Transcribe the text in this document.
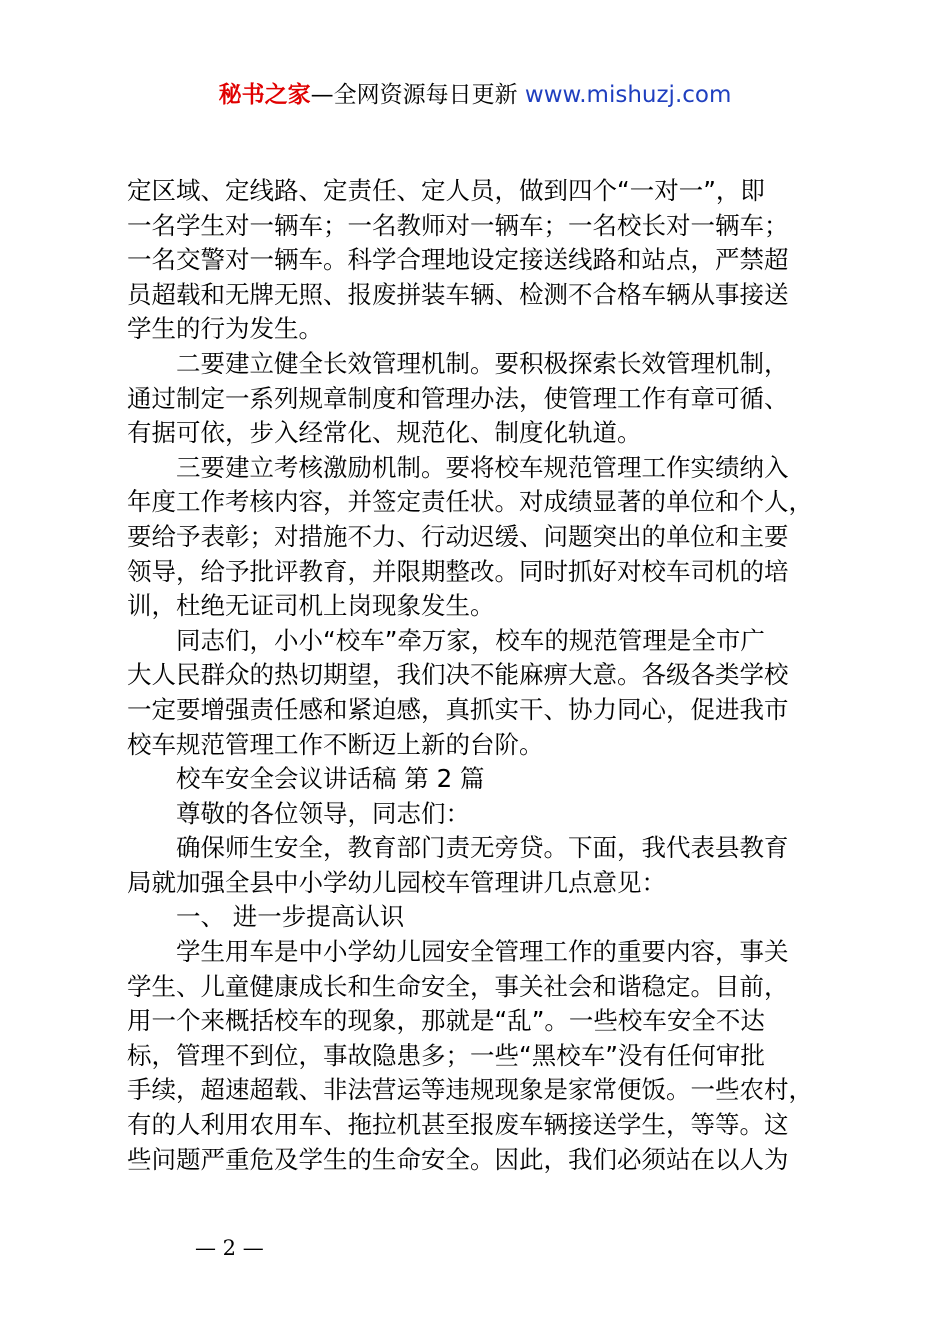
秘书之家—全网资源每日更新 www.mishuzj.com
定区域、定线路、定责任、定人员，做到四个“一对一”，即
一名学生对一辆车；一名教师对一辆车；一名校长对一辆车；
一名交警对一辆车。科学合理地设定接送线路和站点，严禁超
员超载和无牌无照、报废拼装车辆、检测不合格车辆从事接送
学生的行为发生。
二要建立健全长效管理机制。要积极探索长效管理机制，
通过制定一系列规章制度和管理办法，使管理工作有章可循、
有据可依，步入经常化、规范化、制度化轨道。
三要建立考核激励机制。要将校车规范管理工作实绩纳入
年度工作考核内容，并签定责任状。对成绩显著的单位和个人，
要给予表彰；对措施不力、行动迟缓、问题突出的单位和主要
领导，给予批评教育，并限期整改。同时抓好对校车司机的培
训，杜绝无证司机上岗现象发生。
同志们，小小“校车”牵万家，校车的规范管理是全市广
大人民群众的热切期望，我们决不能麻痹大意。各级各类学校
一定要增强责任感和紧迫感，真抓实干、协力同心，促进我市
校车规范管理工作不断迈上新的台阶。
校车安全会议讲话稿 第 2 篇
尊敬的各位领导，同志们：
确保师生安全，教育部门责无旁贷。下面，我代表县教育
局就加强全县中小学幼儿园校车管理讲几点意见：
一、 进一步提高认识
学生用车是中小学幼儿园安全管理工作的重要内容，事关
学生、儿童健康成长和生命安全，事关社会和谐稳定。目前，
用一个来概括校车的现象，那就是“乱”。一些校车安全不达
标，管理不到位，事故隐患多；一些“黑校车”没有任何审批
手续，超速超载、非法营运等违规现象是家常便饭。一些农村，
有的人利用农用车、拖拉机甚至报废车辆接送学生，等等。这
些问题严重危及学生的生命安全。因此，我们必须站在以人为
— 2 —
